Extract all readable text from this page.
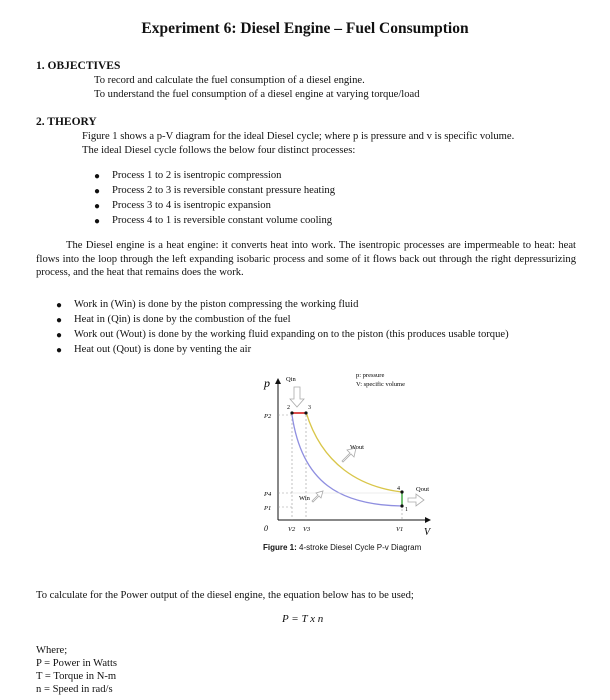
Experiment 6: Diesel Engine – Fuel Consumption
1. OBJECTIVES
To record and calculate the fuel consumption of a diesel engine.
To understand the fuel consumption of a diesel engine at varying torque/load
2. THEORY
Figure 1 shows a p-V diagram for the ideal Diesel cycle; where p is pressure and v is specific volume.
The ideal Diesel cycle follows the below four distinct processes:
● Process 1 to 2 is isentropic compression
● Process 2 to 3 is reversible constant pressure heating
● Process 3 to 4 is isentropic expansion
● Process 4 to 1 is reversible constant volume cooling
The Diesel engine is a heat engine: it converts heat into work. The isentropic processes are impermeable to heat: heat flows into the loop through the left expanding isobaric process and some of it flows back out through the right depressurizing process, and the heat that remains does the work.
● Work in (Win) is done by the piston compressing the working fluid
● Heat in (Qin) is done by the combustion of the fuel
● Work out (Wout) is done by the working fluid expanding on to the piston (this produces usable torque)
● Heat out (Qout) is done by venting the air
p
V
0
p: pressure
V: specific volume
2	3
4
1
Qin
Wout
Win
Qout
P2
P4
P1
V2 V3	V1
Figure 1: 4-stroke Diesel Cycle P-v Diagram
To calculate for the Power output of the diesel engine, the equation below has to be used;
P = T x n
Where;
P = Power in Watts
T = Torque in N-m
n = Speed in rad/s
